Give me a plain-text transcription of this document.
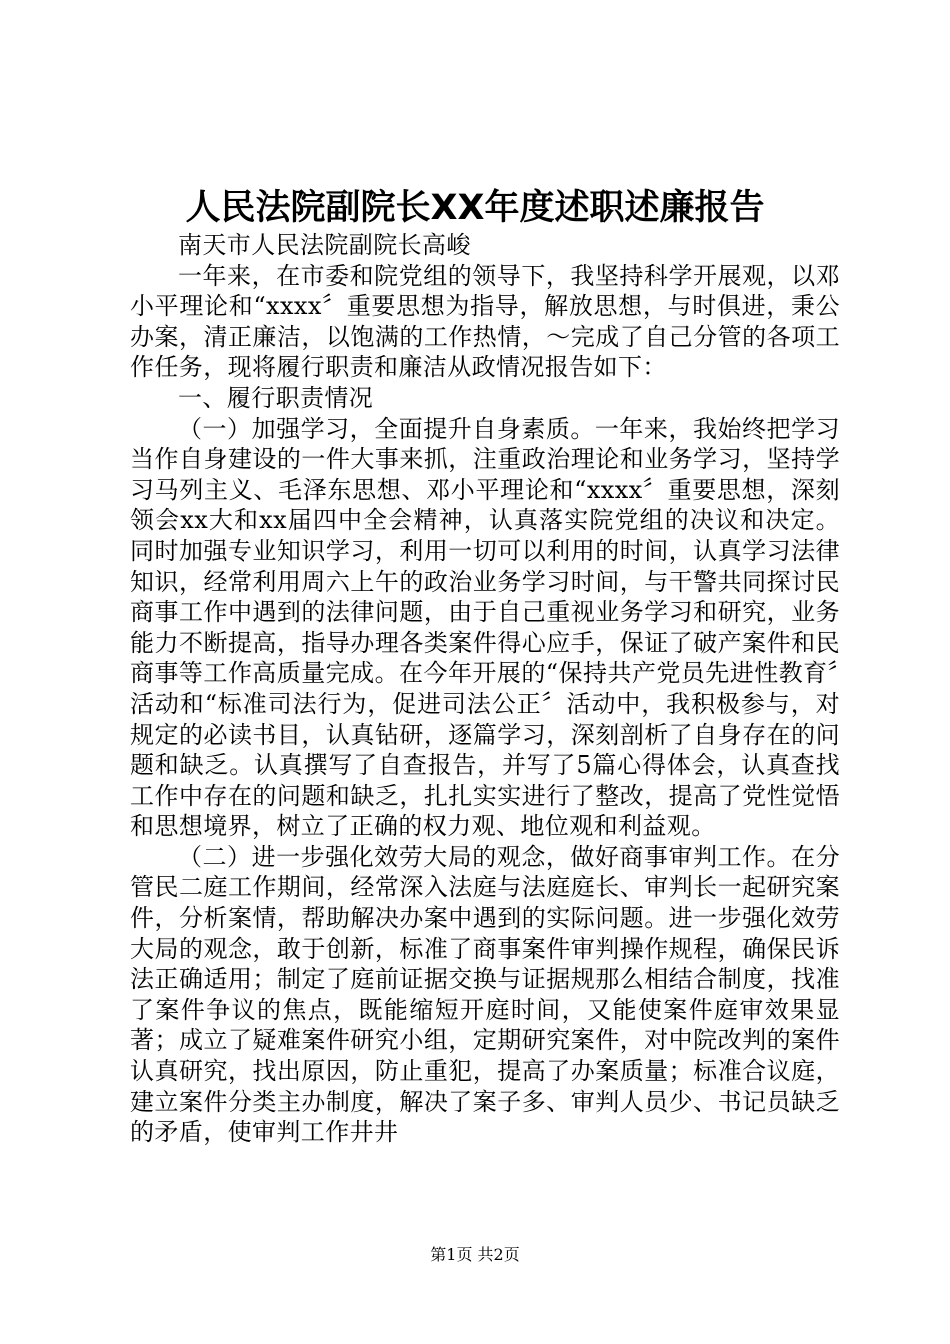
人民法院副院长XX年度述职述廉报告

南天市人民法院副院长高峻

一年来，在市委和院党组的领导下，我坚持科学开展观，以邓小平理论和“xxxx〞重要思想为指导，解放思想，与时俱进，秉公办案，清正廉洁，以饱满的工作热情，～完成了自己分管的各项工作任务，现将履行职责和廉洁从政情况报告如下：

一、履行职责情况

（一）加强学习，全面提升自身素质。一年来，我始终把学习当作自身建设的一件大事来抓，注重政治理论和业务学习，坚持学习马列主义、毛泽东思想、邓小平理论和“xxxx〞重要思想，深刻领会xx大和xx届四中全会精神，认真落实院党组的决议和决定。同时加强专业知识学习，利用一切可以利用的时间，认真学习法律知识，经常利用周六上午的政治业务学习时间，与干警共同探讨民商事工作中遇到的法律问题，由于自己重视业务学习和研究，业务能力不断提高，指导办理各类案件得心应手，保证了破产案件和民商事等工作高质量完成。在今年开展的“保持共产党员先进性教育〞活动和“标准司法行为，促进司法公正〞活动中，我积极参与，对规定的必读书目，认真钻研，逐篇学习，深刻剖析了自身存在的问题和缺乏。认真撰写了自查报告，并写了5篇心得体会，认真查找工作中存在的问题和缺乏，扎扎实实进行了整改，提高了党性觉悟和思想境界，树立了正确的权力观、地位观和利益观。

（二）进一步强化效劳大局的观念，做好商事审判工作。在分管民二庭工作期间，经常深入法庭与法庭庭长、审判长一起研究案件，分析案情，帮助解决办案中遇到的实际问题。进一步强化效劳大局的观念，敢于创新，标准了商事案件审判操作规程，确保民诉法正确适用；制定了庭前证据交换与证据规那么相结合制度，找准了案件争议的焦点，既能缩短开庭时间，又能使案件庭审效果显著；成立了疑难案件研究小组，定期研究案件，对中院改判的案件认真研究，找出原因，防止重犯，提高了办案质量；标准合议庭，建立案件分类主办制度，解决了案子多、审判人员少、书记员缺乏的矛盾，使审判工作井井

第1页 共2页
